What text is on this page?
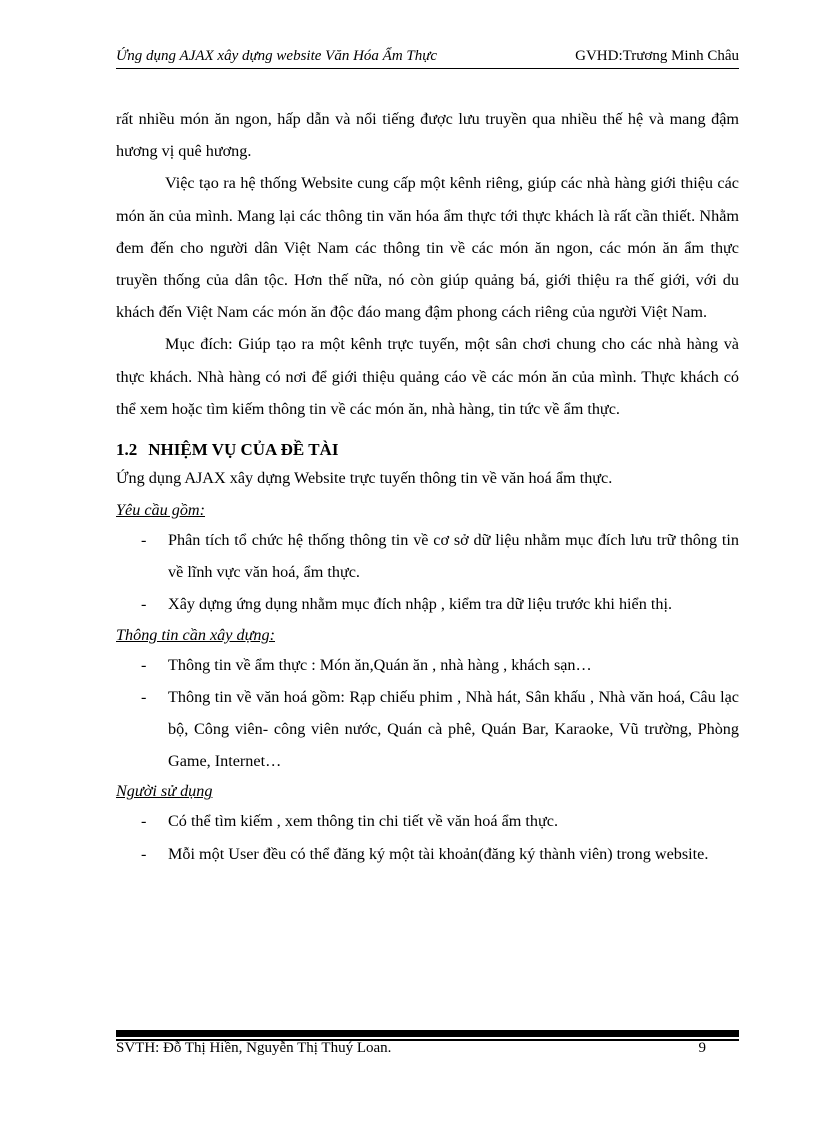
Ứng dụng AJAX xây dựng website Văn Hóa Ẩm Thực	GVHD:Trương Minh Châu

rất nhiều món ăn ngon, hấp dẫn và nổi tiếng được lưu truyền qua nhiều thế hệ và mang đậm hương vị quê hương.

Việc tạo ra hệ thống Website cung cấp một kênh riêng, giúp các nhà hàng giới thiệu các món ăn của mình. Mang lại các thông tin văn hóa ẩm thực tới thực khách là rất cần thiết. Nhằm đem đến cho người dân Việt Nam các thông tin về các món ăn ngon, các món ăn ẩm thực truyền thống của dân tộc. Hơn thế nữa, nó còn giúp quảng bá, giới thiệu ra thế giới, với du khách đến Việt Nam các món ăn độc đáo mang đậm phong cách riêng của người Việt Nam.

Mục đích: Giúp tạo ra một kênh trực tuyến, một sân chơi chung cho các nhà hàng và thực khách. Nhà hàng có nơi để giới thiệu quảng cáo về các món ăn của mình. Thực khách có thể xem hoặc tìm kiếm thông tin về các món ăn, nhà hàng, tin tức về ẩm thực.

1.2 NHIỆM VỤ CỦA ĐỀ TÀI

Ứng dụng AJAX xây dựng Website trực tuyến thông tin về văn hoá ẩm thực.

Yêu cầu gồm:

- Phân tích tổ chức hệ thống thông tin về cơ sở dữ liệu nhằm mục đích lưu trữ thông tin về lĩnh vực văn hoá, ẩm thực.
- Xây dựng ứng dụng nhằm mục đích nhập , kiểm tra dữ liệu trước khi hiển thị.

Thông tin cần xây dựng:

- Thông tin về ẩm thực : Món ăn,Quán ăn , nhà hàng , khách sạn…
- Thông tin về văn hoá gồm: Rạp chiếu phim , Nhà hát, Sân khấu , Nhà văn hoá, Câu lạc bộ, Công viên- công viên nước, Quán cà phê, Quán Bar, Karaoke, Vũ trường, Phòng Game, Internet…

Người sử dụng

- Có thể tìm kiếm , xem thông tin chi tiết về văn hoá ẩm thực.
- Mỗi một User đều có thể đăng ký một tài khoản(đăng ký thành viên) trong website.
SVTH: Đỗ Thị Hiền, Nguyễn Thị Thuý Loan.	9
